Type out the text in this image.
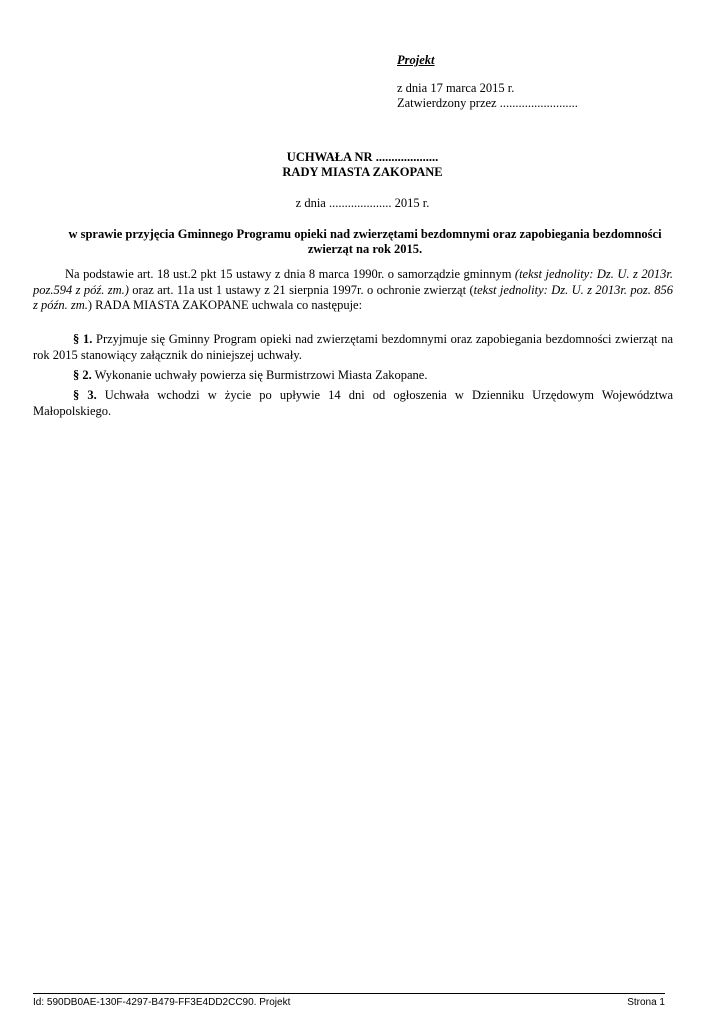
Projekt
z dnia 17 marca 2015 r.
Zatwierdzony przez .........................
UCHWAŁA NR ....................
RADY MIASTA ZAKOPANE
z dnia .................... 2015 r.
w sprawie przyjęcia Gminnego Programu opieki nad zwierzętami bezdomnymi oraz zapobiegania bezdomności zwierząt na rok 2015.
Na podstawie art. 18 ust.2 pkt 15 ustawy z dnia 8 marca 1990r. o samorządzie gminnym (tekst jednolity: Dz. U. z 2013r. poz.594 z póź. zm.) oraz art. 11a ust 1 ustawy z 21 sierpnia 1997r. o ochronie zwierząt (tekst jednolity: Dz. U. z 2013r. poz. 856 z późn. zm.) RADA MIASTA ZAKOPANE uchwala co następuje:
§ 1. Przyjmuje się Gminny Program opieki nad zwierzętami bezdomnymi oraz zapobiegania bezdomności zwierząt na rok 2015 stanowiący załącznik do niniejszej uchwały.
§ 2. Wykonanie uchwały powierza się Burmistrzowi Miasta Zakopane.
§ 3. Uchwała wchodzi w życie po upływie 14 dni od ogłoszenia w Dzienniku Urzędowym Województwa Małopolskiego.
Id: 590DB0AE-130F-4297-B479-FF3E4DD2CC90. Projekt	Strona 1
